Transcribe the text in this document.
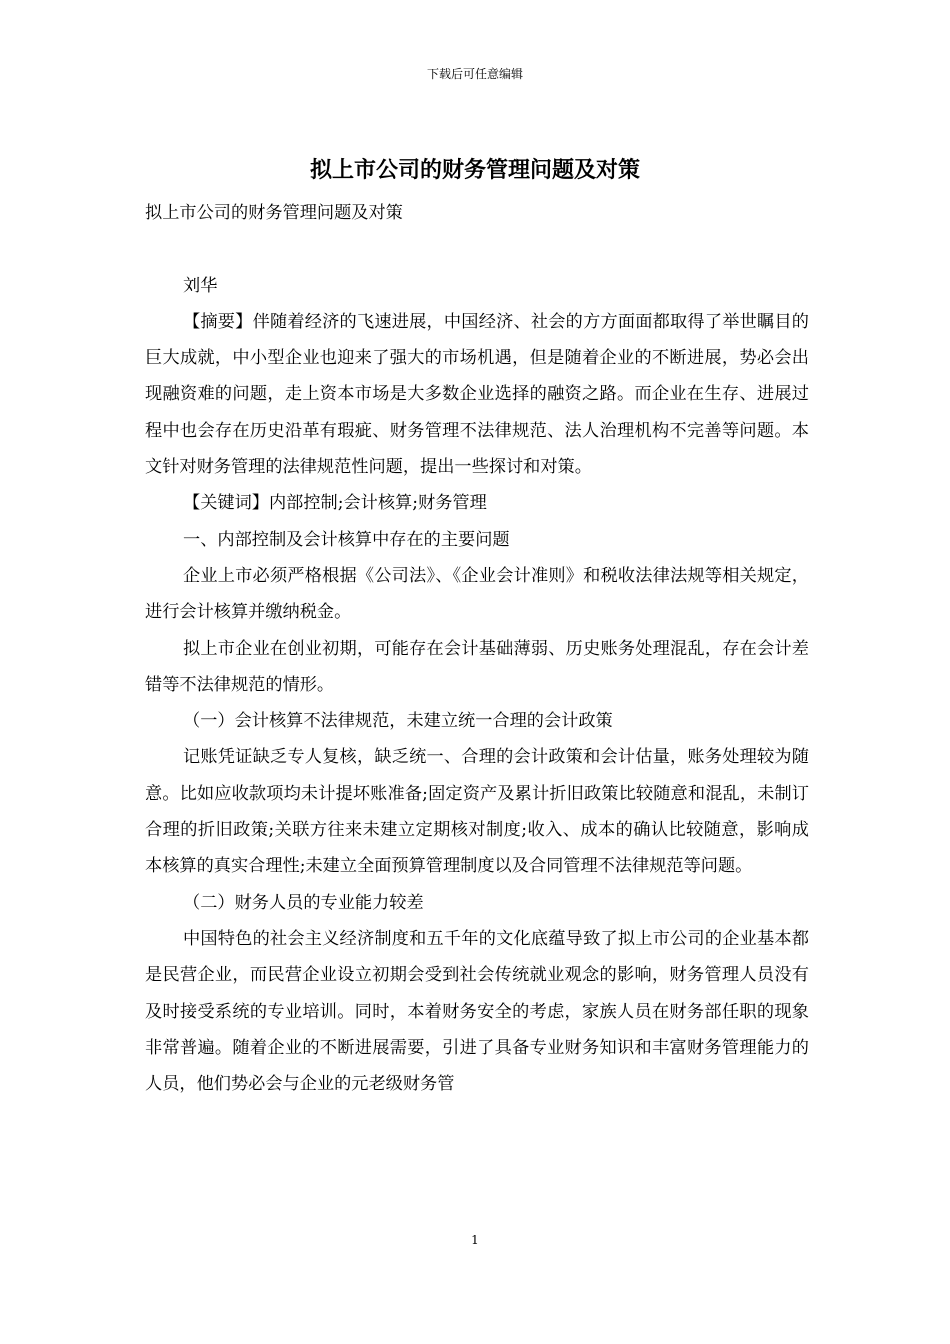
下载后可任意编辑
拟上市公司的财务管理问题及对策

拟上市公司的财务管理问题及对策

刘华

【摘要】伴随着经济的飞速进展，中国经济、社会的方方面面都取得了举世瞩目的巨大成就，中小型企业也迎来了强大的市场机遇，但是随着企业的不断进展，势必会出现融资难的问题，走上资本市场是大多数企业选择的融资之路。而企业在生存、进展过程中也会存在历史沿革有瑕疵、财务管理不法律规范、法人治理机构不完善等问题。本文针对财务管理的法律规范性问题，提出一些探讨和对策。

【关键词】内部控制;会计核算;财务管理

一、内部控制及会计核算中存在的主要问题

企业上市必须严格根据《公司法》、《企业会计准则》和税收法律法规等相关规定，进行会计核算并缴纳税金。

拟上市企业在创业初期，可能存在会计基础薄弱、历史账务处理混乱，存在会计差错等不法律规范的情形。

（一）会计核算不法律规范，未建立统一合理的会计政策

记账凭证缺乏专人复核，缺乏统一、合理的会计政策和会计估量，账务处理较为随意。比如应收款项均未计提坏账准备;固定资产及累计折旧政策比较随意和混乱，未制订合理的折旧政策;关联方往来未建立定期核对制度;收入、成本的确认比较随意，影响成本核算的真实合理性;未建立全面预算管理制度以及合同管理不法律规范等问题。

（二）财务人员的专业能力较差

中国特色的社会主义经济制度和五千年的文化底蕴导致了拟上市公司的企业基本都是民营企业，而民营企业设立初期会受到社会传统就业观念的影响，财务管理人员没有及时接受系统的专业培训。同时，本着财务安全的考虑，家族人员在财务部任职的现象非常普遍。随着企业的不断进展需要，引进了具备专业财务知识和丰富财务管理能力的人员，他们势必会与企业的元老级财务管

1
